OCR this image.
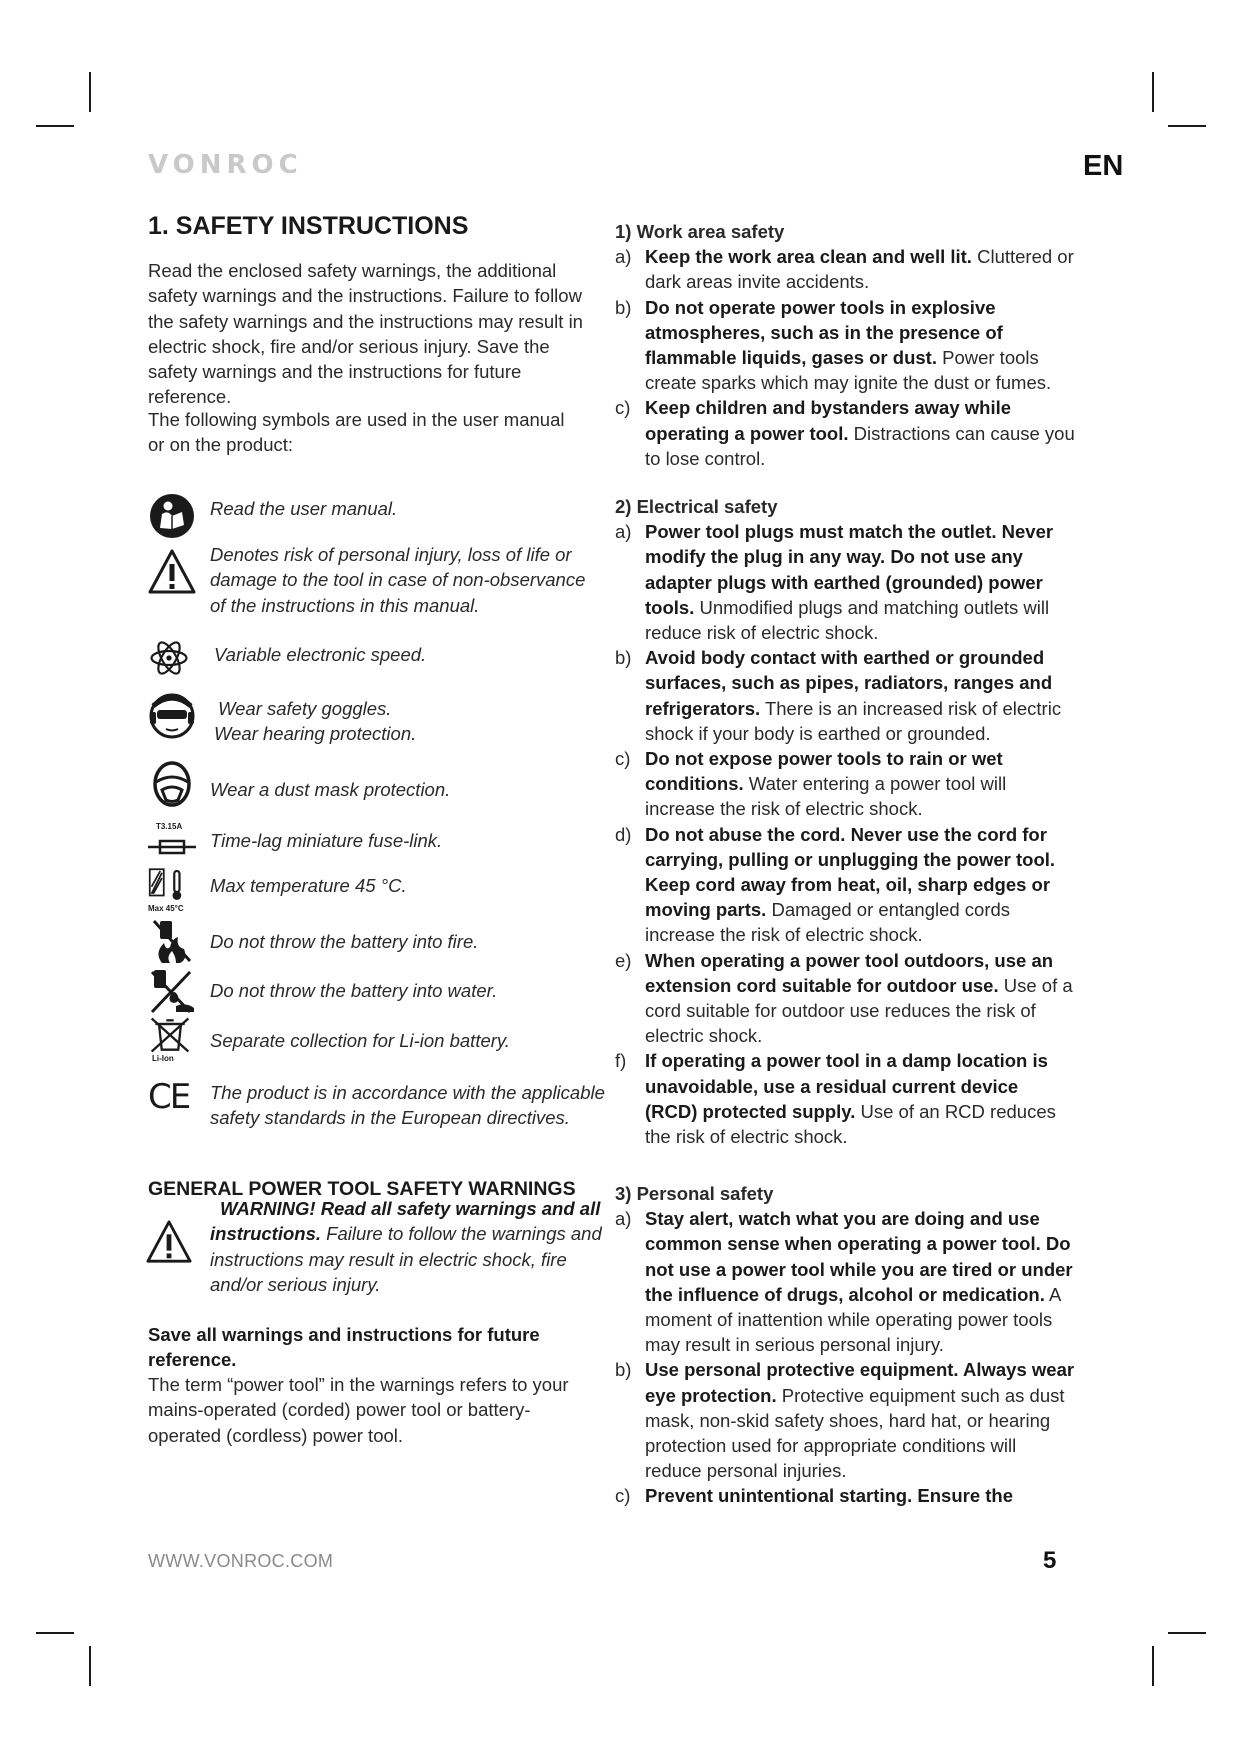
VONROC	EN
1. SAFETY INSTRUCTIONS

Read the enclosed safety warnings, the additional safety warnings and the instructions. Failure to follow the safety warnings and the instructions may result in electric shock, fire and/or serious injury. Save the safety warnings and the instructions for future reference.

The following symbols are used in the user manual or on the product:

Read the user manual.
Denotes risk of personal injury, loss of life or damage to the tool in case of non-observance of the instructions in this manual.
Variable electronic speed.
Wear safety goggles.
Wear hearing protection.
Wear a dust mask protection.
T3.15A
Time-lag miniature fuse-link.
Max 45°C
Max temperature 45 °C.
Do not throw the battery into fire.
Do not throw the battery into water.
Li-Ion
Separate collection for Li-ion battery.
CE	The product is in accordance with the applicable safety standards in the European directives.
GENERAL POWER TOOL SAFETY WARNINGS
WARNING! Read all safety warnings and all instructions. Failure to follow the warnings and instructions may result in electric shock, fire and/or serious injury.
Save all warnings and instructions for future reference.
The term “power tool” in the warnings refers to your mains-operated (corded) power tool or battery-operated (cordless) power tool.
1) Work area safety
a) Keep the work area clean and well lit. Cluttered or dark areas invite accidents.
b) Do not operate power tools in explosive atmospheres, such as in the presence of flammable liquids, gases or dust. Power tools create sparks which may ignite the dust or fumes.
c) Keep children and bystanders away while operating a power tool. Distractions can cause you to lose control.
2) Electrical safety
a) Power tool plugs must match the outlet. Never modify the plug in any way. Do not use any adapter plugs with earthed (grounded) power tools. Unmodified plugs and matching outlets will reduce risk of electric shock.
b) Avoid body contact with earthed or grounded surfaces, such as pipes, radiators, ranges and refrigerators. There is an increased risk of electric shock if your body is earthed or grounded.
c) Do not expose power tools to rain or wet conditions. Water entering a power tool will increase the risk of electric shock.
d) Do not abuse the cord. Never use the cord for carrying, pulling or unplugging the power tool. Keep cord away from heat, oil, sharp edges or moving parts. Damaged or entangled cords increase the risk of electric shock.
e) When operating a power tool outdoors, use an extension cord suitable for outdoor use. Use of a cord suitable for outdoor use reduces the risk of electric shock.
f) If operating a power tool in a damp location is unavoidable, use a residual current device (RCD) protected supply. Use of an RCD reduces the risk of electric shock.
3) Personal safety
a) Stay alert, watch what you are doing and use common sense when operating a power tool. Do not use a power tool while you are tired or under the influence of drugs, alcohol or medication. A moment of inattention while operating power tools may result in serious personal injury.
b) Use personal protective equipment. Always wear eye protection. Protective equipment such as dust mask, non-skid safety shoes, hard hat, or hearing protection used for appropriate conditions will reduce personal injuries.
c) Prevent unintentional starting. Ensure the
WWW.VONROC.COM	5
